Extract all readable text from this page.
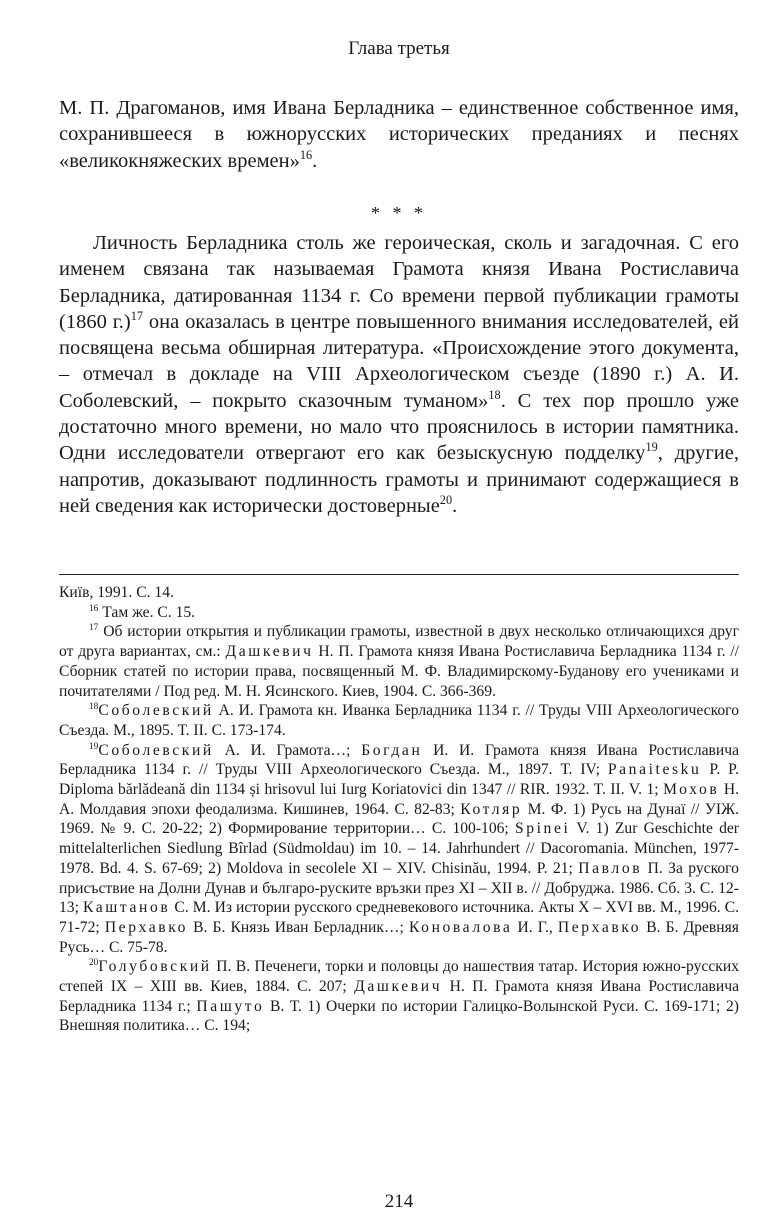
Глава третья

М. П. Драгоманов, имя Ивана Берладника – единственное собственное имя, сохранившееся в южнорусских исторических преданиях и песнях «великокняжеских времен»$^{16}$.

* * *

Личность Берладника столь же героическая, сколь и загадочная. С его именем связана так называемая Грамота князя Ивана Ростиславича Берладника, датированная 1134 г. Со времени первой публикации грамоты (1860 г.)$^{17}$ она оказалась в центре повышенного внимания исследователей, ей посвящена весьма обширная литература. «Происхождение этого документа, – отмечал в докладе на VIII Археологическом съезде (1890 г.) А. И. Соболевский, – покрыто сказочным туманом»$^{18}$. С тех пор прошло уже достаточно много времени, но мало что прояснилось в истории памятника. Одни исследователи отвергают его как безыскусную подделку$^{19}$, другие, напротив, доказывают подлинность грамоты и принимают содержащиеся в ней сведения как исторически достоверные$^{20}$.

Київ, 1991. С. 14.

$^{16}$ Там же. С. 15.

$^{17}$ Об истории открытия и публикации грамоты, известной в двух несколько отличающихся друг от друга вариантах, см.: Дашкевич Н. П. Грамота князя Ивана Ростиславича Берладника 1134 г. // Сборник статей по истории права, посвященный М. Ф. Владимирскому-Буданову его учениками и почитателями / Под ред. М. Н. Ясинского. Киев, 1904. С. 366-369.

$^{18}$Соболевский А. И. Грамота кн. Иванка Берладника 1134 г. // Труды VIII Археологического Съезда. М., 1895. Т. II. С. 173-174.

$^{19}$Соболевский А. И. Грамота…; Богдан И. И. Грамота князя Ивана Ростиславича Берладника 1134 г. // Труды VIII Археологического Съезда. М., 1897. Т. IV; Panaitesku P. P. Diploma bărlădeană din 1134 și hrisovul lui Iurg Koriatovici din 1347 // RIR. 1932. T. II. V. 1; Мохов Н. А. Молдавия эпохи феодализма. Кишинев, 1964. С. 82-83; Котляр М. Ф. 1) Русь на Дунаї // УІЖ. 1969. № 9. С. 20-22; 2) Формирование территории… С. 100-106; Spinei V. 1) Zur Geschichte der mittelalterlichen Siedlung Bîrlad (Südmoldau) im 10. – 14. Jahrhundert // Dacoromania. München, 1977-1978. Bd. 4. S. 67-69; 2) Moldova in secolele XI – XIV. Chisinău, 1994. P. 21; Павлов П. За руского присъствие на Долни Дунав и българо-руските връзки през XI – XII в. // Добруджа. 1986. Сб. 3. С. 12-13; Каштанов С. М. Из истории русского средневекового источника. Акты X – XVI вв. М., 1996. С. 71-72; Перхавко В. Б. Князь Иван Берладник…; Коновалова И. Г., Перхавко В. Б. Древняя Русь… С. 75-78.

$^{20}$Голубовский П. В. Печенеги, торки и половцы до нашествия татар. История южно-русских степей IX – XIII вв. Киев, 1884. С. 207; Дашкевич Н. П. Грамота князя Ивана Ростиславича Берладника 1134 г.; Пашуто В. Т. 1) Очерки по истории Галицко-Волынской Руси. С. 169-171; 2) Внешняя политика… С. 194;

214
